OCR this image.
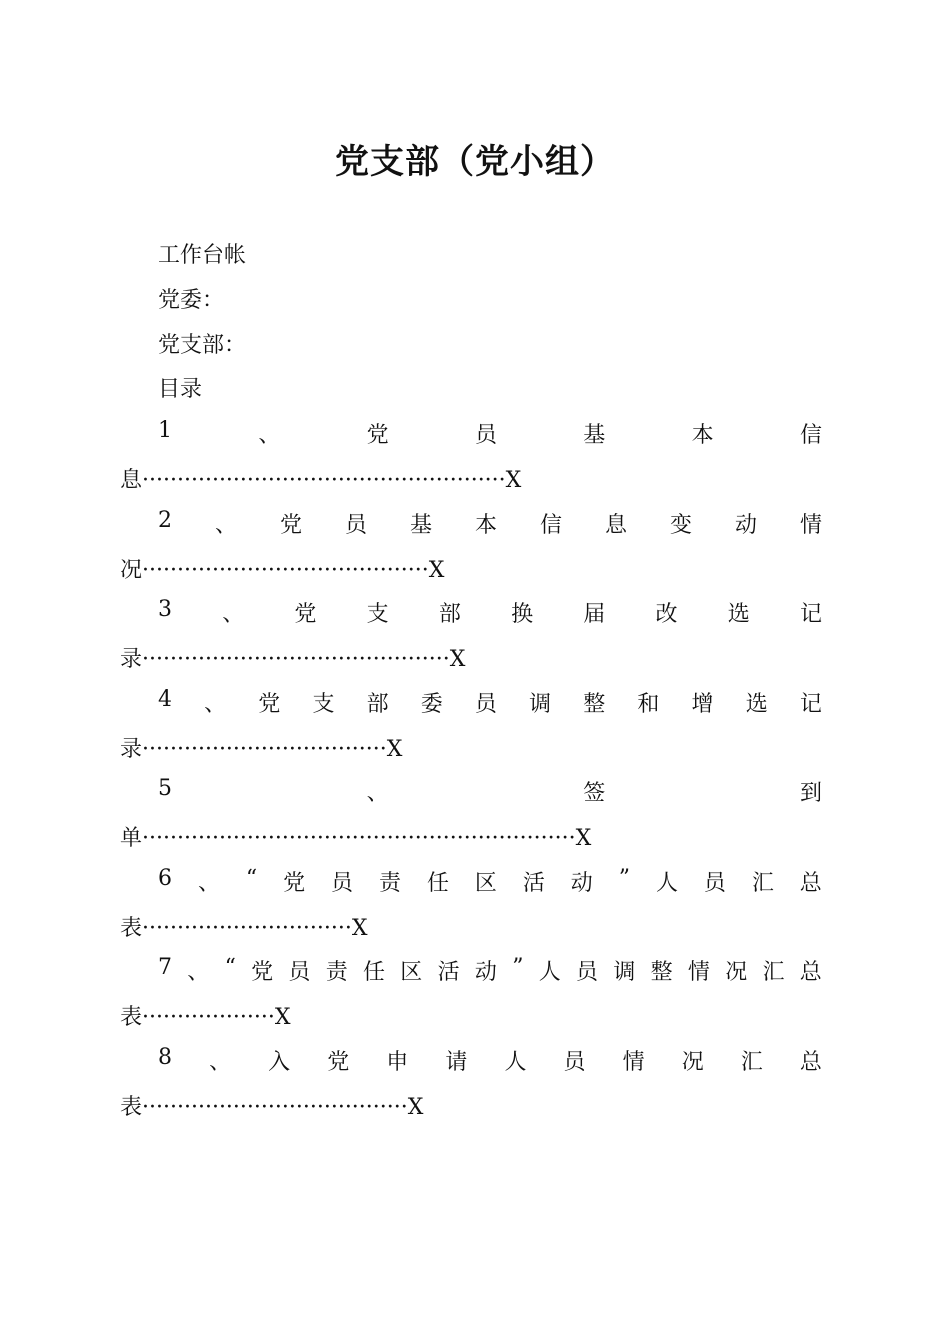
党支部（党小组）
工作台帐
党委：
党支部：
目录
1	、	党	员	基	本	信
息····················································X
2 、 党 员 基 本 信 息 变 动 情
况·········································X
3 、 党 支 部 换 届 改 选 记
录············································X
4 、 党 支 部 委 员 调 整 和 增 选 记
录···································X
5	、	签	到
单······························································X
6 、 “ 党 员 责 任 区 活 动 ” 人 员 汇 总
表······························X
7 、 “ 党 员 责 任 区 活 动 ” 人 员 调 整 情 况 汇 总
表···················X
8 、 入 党 申 请 人 员 情 况 汇 总
表······································X
